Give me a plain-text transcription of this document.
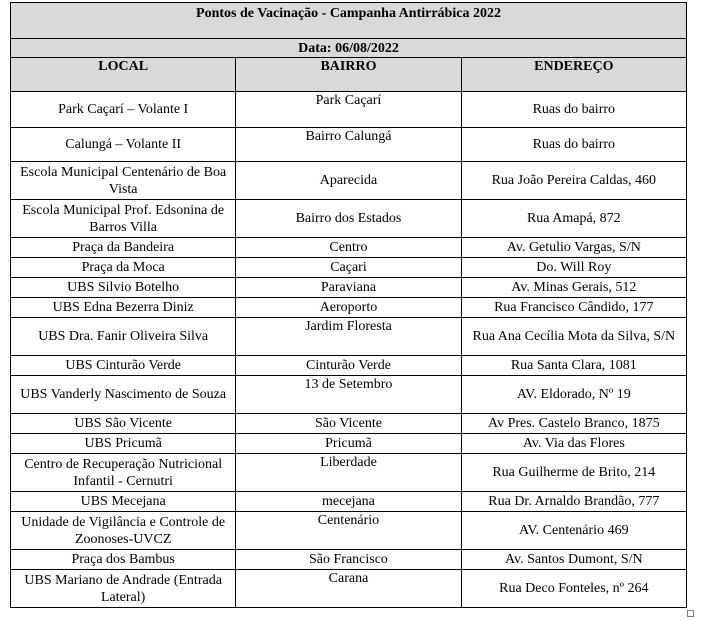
Pontos de Vacinação - Campanha Antirrábica 2022		
Data: 06/08/2022		
LOCAL	BAIRRO	ENDEREÇO
Park Caçarí – Volante I	Park Caçarí	Ruas do bairro
Calungá – Volante II	Bairro Calungá	Ruas do bairro
Escola Municipal Centenário de Boa Vista	Aparecida	Rua João Pereira Caldas, 460
Escola Municipal Prof. Edsonina de Barros Villa	Bairro dos Estados	Rua Amapá, 872
Praça da Bandeira	Centro	Av. Getulio Vargas, S/N
Praça da Moca	Caçari	Do. Will Roy
UBS Silvio Botelho	Paraviana	Av. Minas Gerais, 512
UBS Edna Bezerra Diniz	Aeroporto	Rua Francisco Cândido, 177
UBS Dra. Fanir Oliveira Silva	Jardim Floresta	Rua Ana Cecília Mota da Silva, S/N
UBS Cinturão Verde	Cinturão Verde	Rua Santa Clara, 1081
UBS Vanderly Nascimento de Souza	13 de Setembro	AV. Eldorado, Nº 19
UBS São Vicente	São Vicente	Av Pres. Castelo Branco, 1875
UBS Pricumã	Pricumã	Av. Via das Flores
Centro de Recuperação Nutricional Infantil - Cernutri	Liberdade	Rua Guilherme de Brito, 214
UBS Mecejana	mecejana	Rua Dr. Arnaldo Brandão, 777
Unidade de Vigilância e Controle de Zoonoses-UVCZ	Centenário	AV. Centenário 469
Praça dos Bambus	São Francisco	Av. Santos Dumont, S/N
UBS Mariano de Andrade (Entrada Lateral)	Carana	Rua Deco Fonteles, nº 264
